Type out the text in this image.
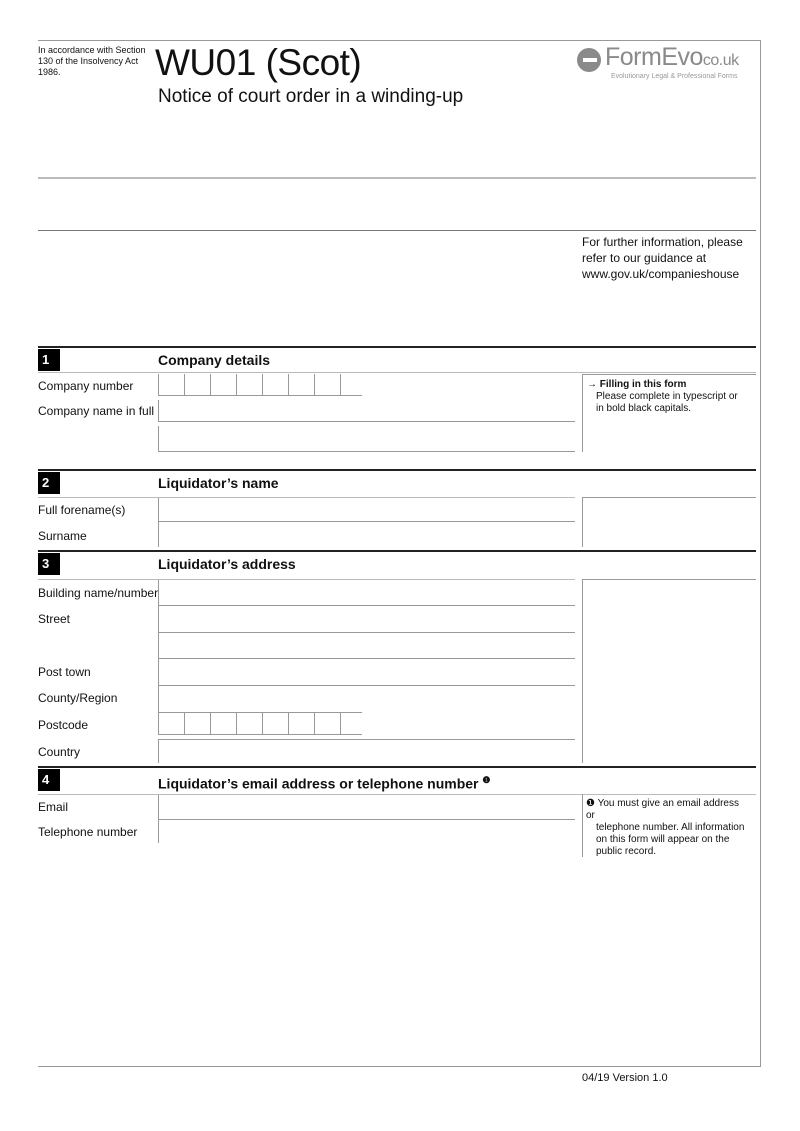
In accordance with Section 130 of the Insolvency Act 1986.	WU01 (Scot)
Notice of court order in a winding-up
FormEvoco.uk
Evolutionary Legal & Professional Forms
For further information, please refer to our guidance at www.gov.uk/companieshouse
1	Company details
Company number
Company name in full
→ Filling in this form
Please complete in typescript or in bold black capitals.
2	Liquidator’s name
Full forename(s)
Surname
3	Liquidator’s address
Building name/number
Street
Post town
County/Region
Postcode
Country
4	Liquidator’s email address or telephone number $^❶$
Email
Telephone number
❶ You must give an email address or
telephone number. All information on this form will appear on the public record.
04/19 Version 1.0
